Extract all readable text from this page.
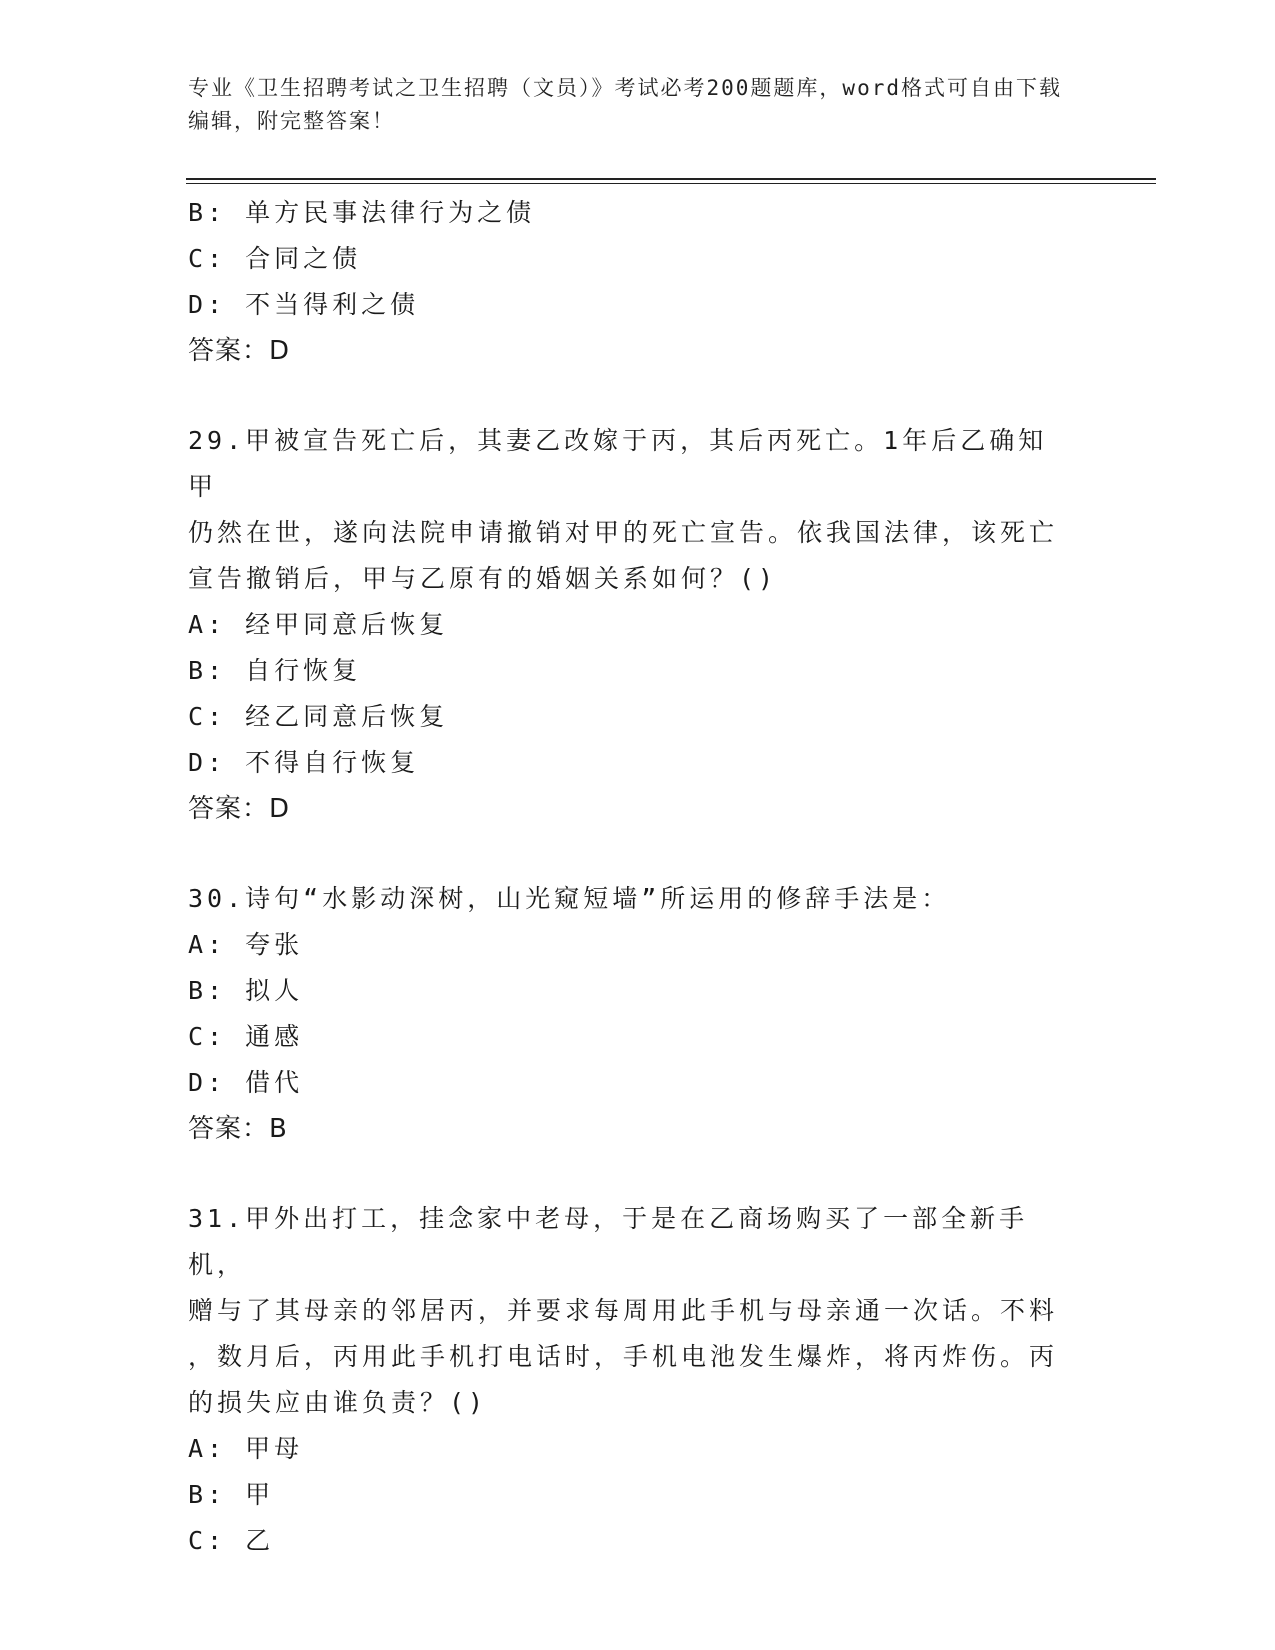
专业《卫生招聘考试之卫生招聘（文员）》考试必考200题题库，word格式可自由下载编辑，附完整答案！
B: 单方民事法律行为之债
C: 合同之债
D: 不当得利之债
答案：D
29.甲被宣告死亡后，其妻乙改嫁于丙，其后丙死亡。1年后乙确知甲
仍然在世，遂向法院申请撤销对甲的死亡宣告。依我国法律，该死亡
宣告撤销后，甲与乙原有的婚姻关系如何？()
A: 经甲同意后恢复
B: 自行恢复
C: 经乙同意后恢复
D: 不得自行恢复
答案：D
30.诗句“水影动深树，山光窥短墙”所运用的修辞手法是：
A: 夸张
B: 拟人
C: 通感
D: 借代
答案：B
31.甲外出打工，挂念家中老母，于是在乙商场购买了一部全新手机，
赠与了其母亲的邻居丙，并要求每周用此手机与母亲通一次话。不料
，数月后，丙用此手机打电话时，手机电池发生爆炸，将丙炸伤。丙
的损失应由谁负责？()
A: 甲母
B: 甲
C: 乙
